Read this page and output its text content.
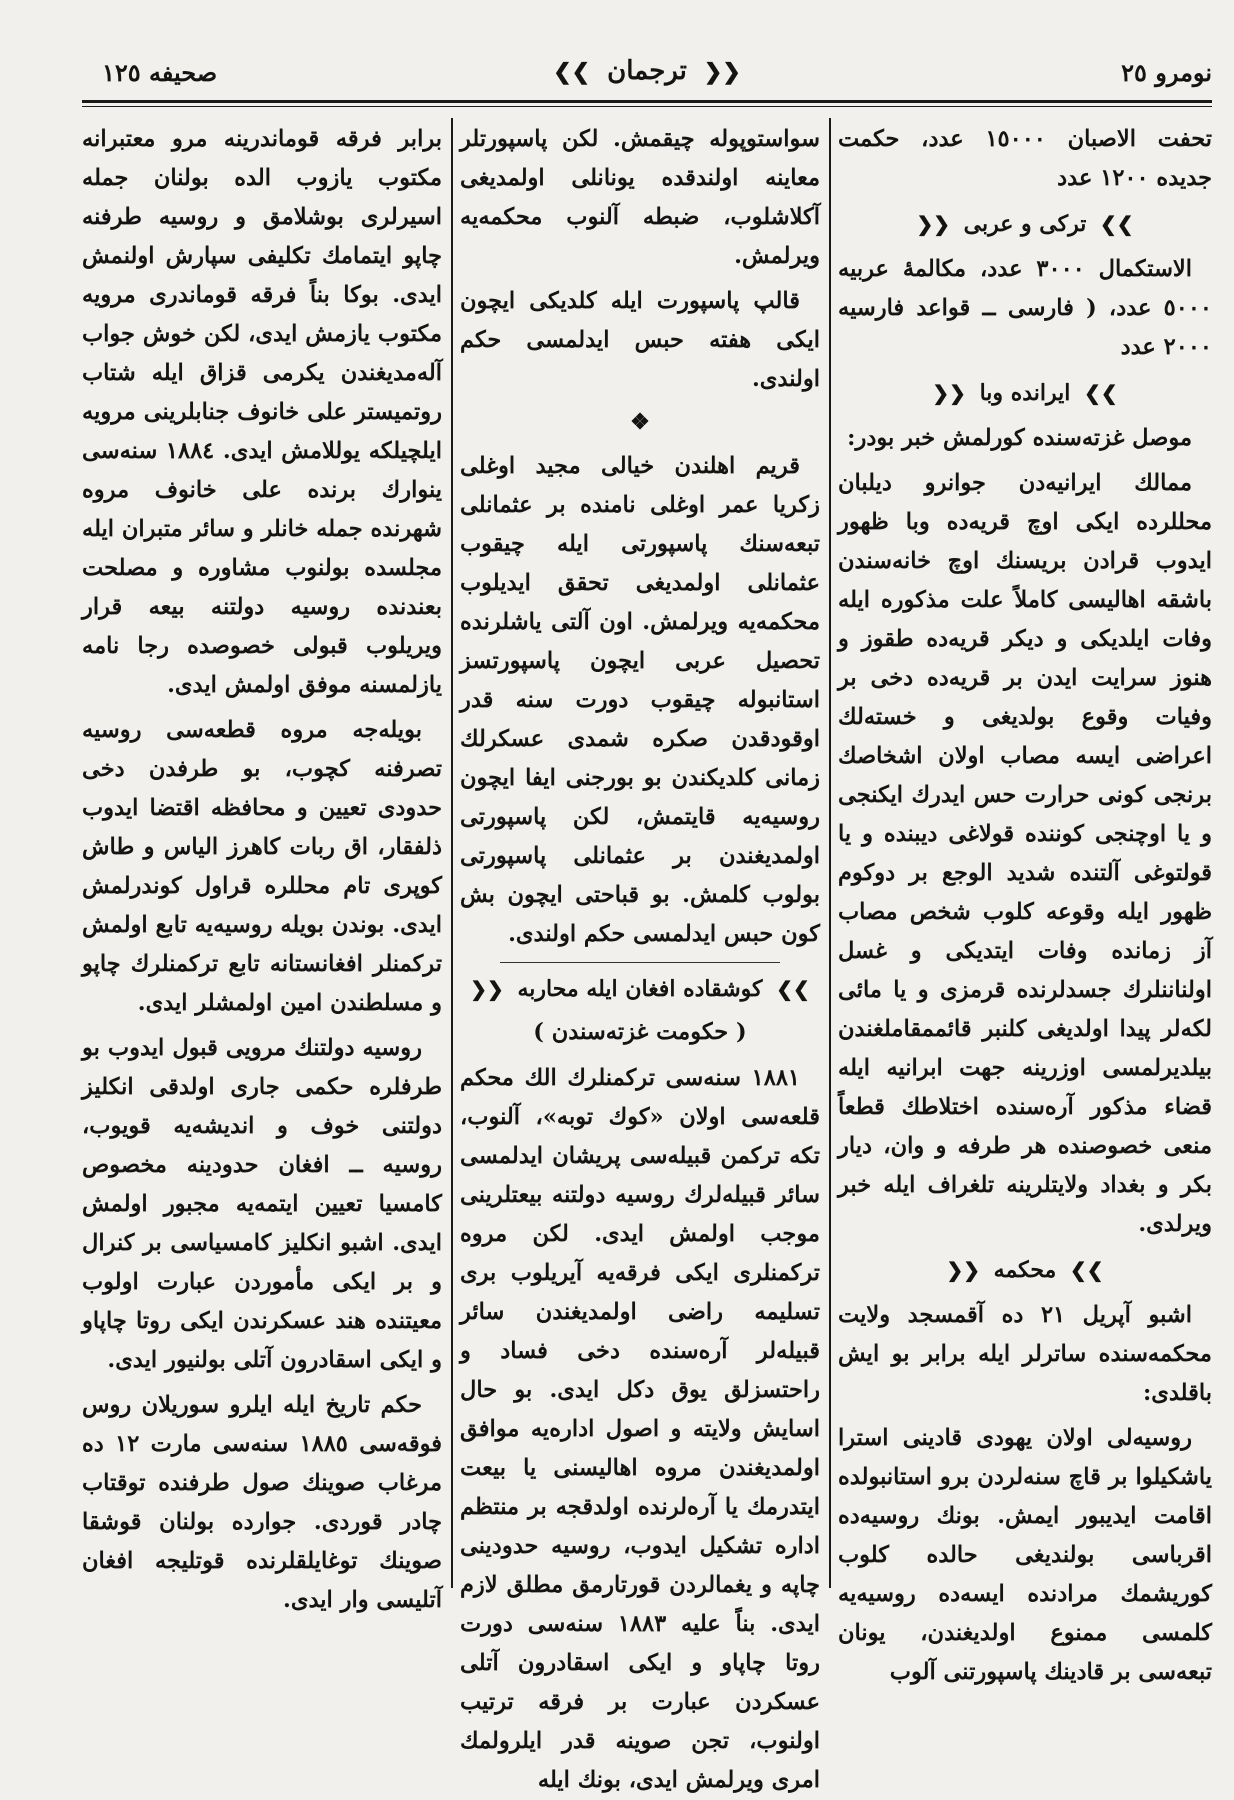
صحيفه ١٢٥	❮❮ ترجمان ❯❯	نومرو ٢٥

تحفت الاصبان ١٥٠٠٠ عدد، حکمت جديده ١٢٠٠ عدد

❯❯ ترکی و عربی ❮❮

الاستکمال ٣٠٠٠ عدد، مکالمۀ عربيه ٥٠٠٠ عدد، ( فارسی ــ قواعد فارسيه ٢٠٠٠ عدد

❯❯ ايرانده وبا ❮❮

موصل غزته‌سنده کورلمش خبر بودر:

ممالك ايرانيه‌دن جوانرو ديلبان محللرده ايکی اوچ قريه‌ده وبا ظهور ايدوب قرادن بريسنك اوچ خانه‌سندن باشقه اهاليسی کاملاً علت مذکوره ايله وفات ايلديکی و ديکر قريه‌ده طقوز و هنوز سرايت ايدن بر قريه‌ده دخی بر وفيات وقوع بولديغی و خسته‌لك اعراضی ايسه مصاب اولان اشخاصك برنجی کونی حرارت حس ايدرك ايکنجی و يا اوچنجی کوننده قولاغی ديبنده و يا قولتوغی آلتنده شديد الوجع بر دوکوم ظهور ايله وقوعه کلوب شخص مصاب آز زمانده وفات ايتديکی و غسل اولناننلرك جسدلرنده قرمزی و يا مائی لکه‌لر پيدا اولديغی کلنبر قائممقاملغندن بيلديرلمسی اوزرينه جهت ابرانيه ايله قضاء مذکور آره‌سنده اختلاطك قطعاً منعی خصوصنده هر طرفه و وان، ديار بکر و بغداد ولايتلرينه تلغراف ايله خبر ويرلدی.

❯❯ محکمه ❮❮

اشبو آپريل ٢١ ده آقمسجد ولايت محکمه‌سنده ساترلر ايله برابر بو ايش باقلدی:

روسيه‌لی اولان يهودی قادينی استرا ياشکيلوا بر قاچ سنه‌لردن برو استانبولده اقامت ايديبور ايمش. بونك روسيه‌ده اقرباسی بولنديغی حالده کلوب کوريشمك مرادنده ايسه‌ده روسيه‌يه کلمسی ممنوع اولديغندن، يونان تبعه‌سی بر قادينك پاسپورتنی آلوب

سواستوپوله چيقمش. لکن پاسپورتلر معاينه اولندقده يونانلی اولمديغی آکلاشلوب، ضبطه آلنوب محکمه‌يه ويرلمش.

قالپ پاسپورت ايله کلديکی ايچون ايکی هفته حبس ايدلمسی حکم اولندی.

❖

قريم اهلندن خيالی مجيد اوغلی زکريا عمر اوغلی نامنده بر عثمانلی تبعه‌سنك پاسپورتی ايله چيقوب عثمانلی اولمديغی تحقق ايديلوب محکمه‌يه ويرلمش. اون آلتی ياشلرنده تحصيل عربی ايچون پاسپورتسز استانبوله چيقوب دورت سنه قدر اوقودقدن صکره شمدی عسکرلك زمانی کلديکندن بو بورجنی ايفا ايچون روسيه‌يه قايتمش، لکن پاسپورتی اولمديغندن بر عثمانلی پاسپورتی بولوب کلمش. بو قباحتی ايچون بش کون حبس ايدلمسی حکم اولندی.

❯❯ کوشقاده افغان ايله محاربه ❮❮
( حکومت غزته‌سندن )

١٨٨١ سنه‌سی ترکمنلرك الك محکم قلعه‌سی اولان «کوك توبه»، آلنوب، تکه ترکمن قبيله‌سی پريشان ايدلمسی سائر قبيله‌لرك روسيه دولتنه بيعتلرينی موجب اولمش ايدی. لکن مروه ترکمنلری ايکی فرقه‌يه آيريلوب بری تسليمه راضی اولمديغندن سائر قبيله‌لر آره‌سنده دخی فساد و راحتسزلق يوق دکل ايدی. بو حال اسايش ولايته و اصول اداره‌يه موافق اولمديغندن مروه اهاليسنی يا بيعت ايتدرمك يا آره‌لرنده اولدقجه بر منتظم اداره تشکيل ايدوب، روسيه حدودينی چاپه و يغمالردن قورتارمق مطلق لازم ايدی. بناً عليه ١٨٨٣ سنه‌سی دورت روتا چاپاو و ايکی اسقادرون آتلی عسکردن عبارت بر فرقه ترتيب اولنوب، تجن صوينه قدر ايلرولمك امری ويرلمش ايدی، بونك ايله

برابر فرقه قوماندرينه مرو معتبرانه مکتوب يازوب الده بولنان جمله اسيرلری بوشلامق و روسيه طرفنه چاپو ايتمامك تکليفی سپارش اولنمش ايدی. بوکا بناً فرقه قوماندری مرويه مکتوب يازمش ايدی، لکن خوش جواب آله‌مديغندن يکرمی قزاق ايله شتاب روتميستر علی خانوف جنابلرينی مرويه ايلچيلکه يوللامش ايدی. ١٨٨٤ سنه‌سی ينوارك برنده علی خانوف مروه شهرنده جمله خانلر و سائر متبران ايله مجلسده بولنوب مشاوره و مصلحت بعندنده روسيه دولتنه بيعه قرار ويريلوب قبولی خصوصده رجا نامه يازلمسنه موفق اولمش ايدی.

بويله‌جه مروه قطعه‌سی روسيه تصرفنه کچوب، بو طرفدن دخی حدودی تعيين و محافظه اقتضا ايدوب ذلفقار، اق ربات کاهرز الياس و طاش کوپری تام محللره قراول کوندرلمش ايدی. بوندن بويله روسيه‌يه تابع اولمش ترکمنلر افغانستانه تابع ترکمنلرك چاپو و مسلطندن امين اولمشلر ايدی.

روسيه دولتنك مرويی قبول ايدوب بو طرفلره حکمی جاری اولدقی انکليز دولتنی خوف و انديشه‌يه قويوب، روسيه ــ افغان حدودينه مخصوص کامسيا تعيين ايتمه‌يه مجبور اولمش ايدی. اشبو انکليز کامسياسی بر کنرال و بر ايکی مأموردن عبارت اولوب معيتنده هند عسکرندن ايکی روتا چاپاو و ايکی اسقادرون آتلی بولنيور ايدی.

حکم تاريخ ايله ايلرو سوريلان روس فوقه‌سی ١٨٨٥ سنه‌سی مارت ١٢ ده مرغاب صوينك صول طرفنده توقتاب چادر قوردی. جوارده بولنان قوشقا صوينك توغايلقلرنده قوتليجه افغان آتليسی وار ايدی.
